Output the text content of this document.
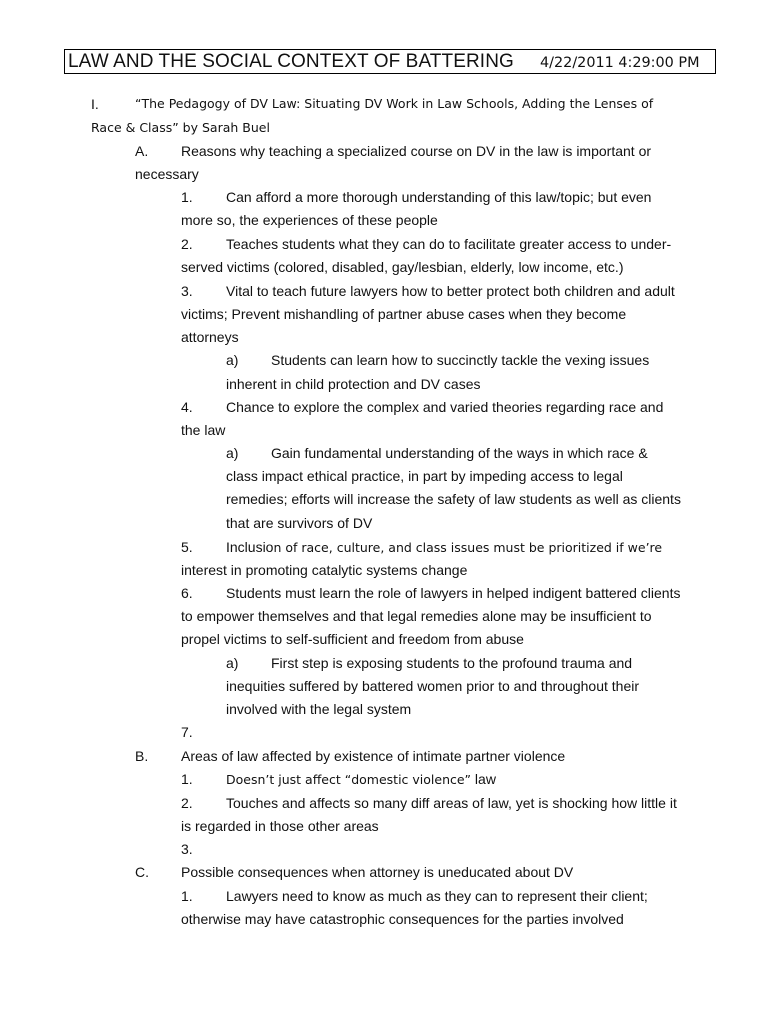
LAW AND THE SOCIAL CONTEXT OF BATTERING 4/22/2011 4:29:00 PM
I.	“The Pedagogy of DV Law: Situating DV Work in Law Schools, Adding the Lenses of
Race & Class” by Sarah Buel
A. Reasons why teaching a specialized course on DV in the law is important or
necessary
1. Can afford a more thorough understanding of this law/topic; but even
more so, the experiences of these people
2. Teaches students what they can do to facilitate greater access to under-
served victims (colored, disabled, gay/lesbian, elderly, low income, etc.)
3. Vital to teach future lawyers how to better protect both children and adult
victims; Prevent mishandling of partner abuse cases when they become
attorneys
a) Students can learn how to succinctly tackle the vexing issues
inherent in child protection and DV cases
4. Chance to explore the complex and varied theories regarding race and
the law
a) Gain fundamental understanding of the ways in which race &
class impact ethical practice, in part by impeding access to legal
remedies; efforts will increase the safety of law students as well as clients
that are survivors of DV
5. Inclusion of race, culture, and class issues must be prioritized if we’re
interest in promoting catalytic systems change
6. Students must learn the role of lawyers in helped indigent battered clients
to empower themselves and that legal remedies alone may be insufficient to
propel victims to self-sufficient and freedom from abuse
a) First step is exposing students to the profound trauma and
inequities suffered by battered women prior to and throughout their
involved with the legal system
7.
B. Areas of law affected by existence of intimate partner violence
1.	Doesn’t just affect “domestic violence” law
2. Touches and affects so many diff areas of law, yet is shocking how little it
is regarded in those other areas
3.
C. Possible consequences when attorney is uneducated about DV
1. Lawyers need to know as much as they can to represent their client;
otherwise may have catastrophic consequences for the parties involved
